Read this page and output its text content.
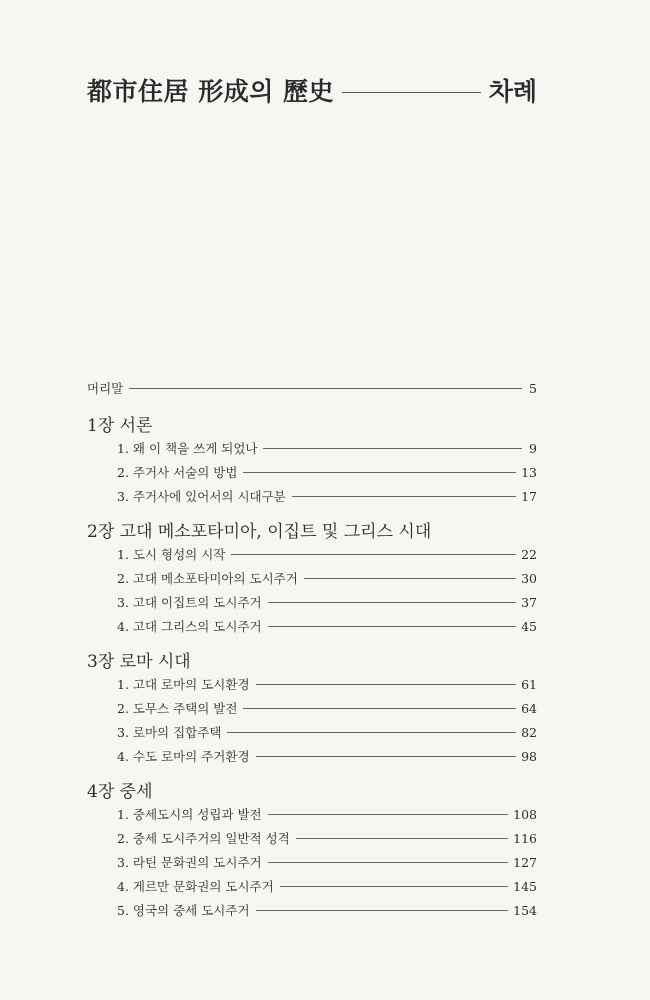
都市住居 形成의 歷史	차례
머리말	5
1장 서론
1. 왜 이 책을 쓰게 되었나	9
2. 주거사 서술의 방법	13
3. 주거사에 있어서의 시대구분	17
2장 고대 메소포타미아, 이집트 및 그리스 시대
1. 도시 형성의 시작	22
2. 고대 메소포타미아의 도시주거	30
3. 고대 이집트의 도시주거	37
4. 고대 그리스의 도시주거	45
3장 로마 시대
1. 고대 로마의 도시환경	61
2. 도무스 주택의 발전	64
3. 로마의 집합주택	82
4. 수도 로마의 주거환경	98
4장 중세
1. 중세도시의 성립과 발전	108
2. 중세 도시주거의 일반적 성격	116
3. 라틴 문화권의 도시주거	127
4. 게르만 문화권의 도시주거	145
5. 영국의 중세 도시주거	154
